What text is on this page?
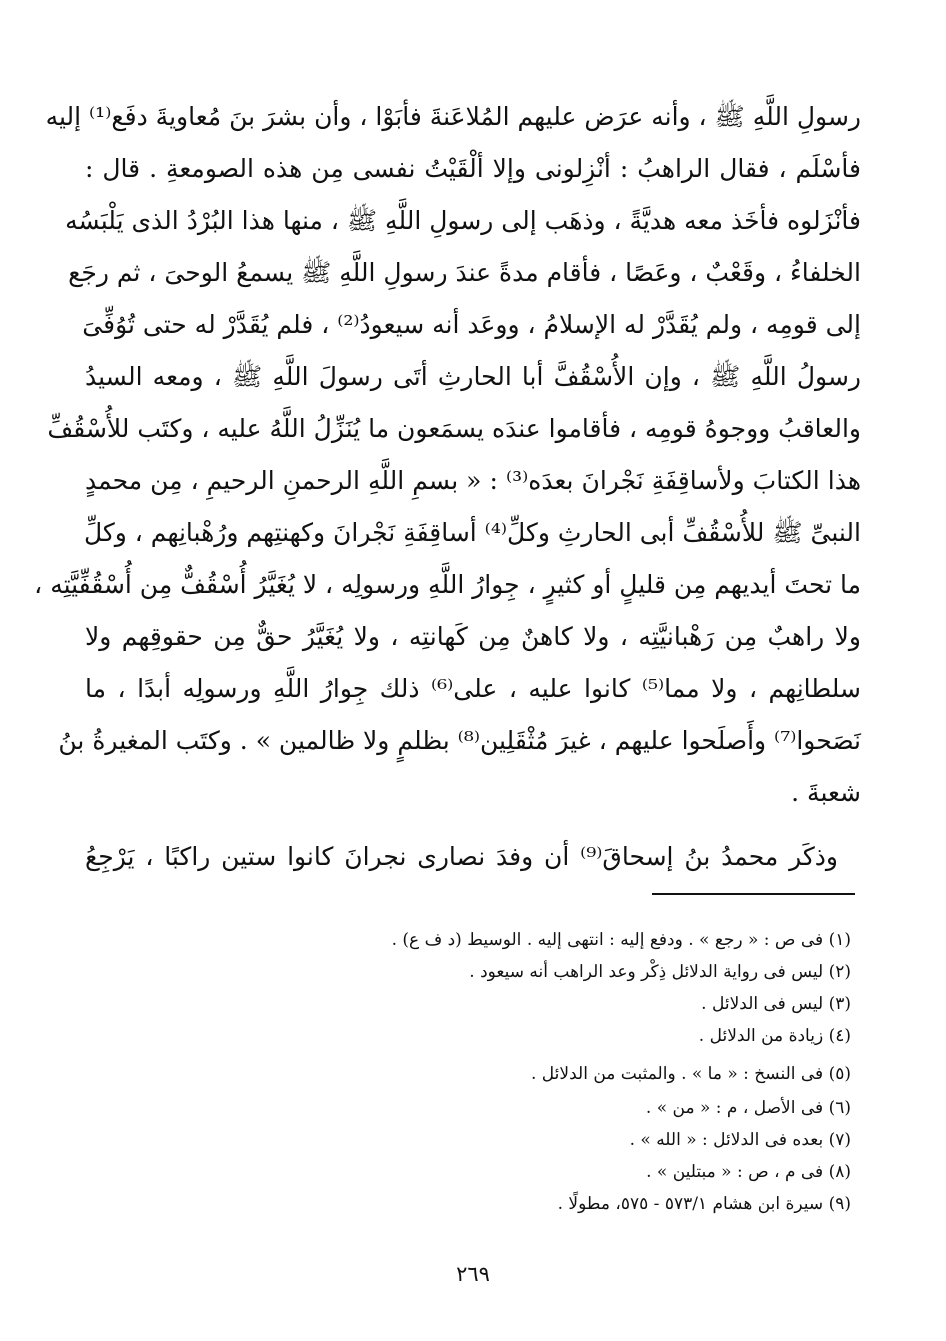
رسولِ اللَّهِ ﷺ ، وأنه عرَض عليهم المُلاعَنةَ فأبَوْا ، وأن بشرَ بنَ مُعاويةَ دفَع⁽¹⁾ إليه
فأسْلَم ، فقال الراهبُ : أنْزِلونى وإلا ألْقَيْتُ نفسى مِن هذه الصومعةِ . قال :
فأنْزَلوه فأخَذ معه هديَّةً ، وذهَب إلى رسولِ اللَّهِ ﷺ ، منها هذا البُرْدُ الذى يَلْبَسُه
الخلفاءُ ، وقَعْبٌ ، وعَصًا ، فأقام مدةً عندَ رسولِ اللَّهِ ﷺ يسمعُ الوحىَ ، ثم رجَع
إلى قومِه ، ولم يُقَدَّرْ له الإسلامُ ، ووعَد أنه سيعودُ⁽²⁾ ، فلم يُقَدَّرْ له حتى تُوُفِّىَ
رسولُ اللَّهِ ﷺ ، وإن الأُسْقُفَّ أبا الحارثِ أتَى رسولَ اللَّهِ ﷺ ، ومعه السيدُ
والعاقبُ ووجوهُ قومِه ، فأقاموا عندَه يسمَعون ما يُنَزِّلُ اللَّهُ عليه ، وكتَب للأُسْقُفِّ
هذا الكتابَ ولأساقِفَةِ نَجْرانَ بعدَه⁽³⁾ : « بسمِ اللَّهِ الرحمنِ الرحيمِ ، مِن محمدٍ
النبىِّ ﷺ للأُسْقُفِّ أبى الحارثِ وكلِّ⁽⁴⁾ أساقِفَةِ نَجْرانَ وكهنتِهم ورُهْبانِهم ، وكلِّ
ما تحتَ أيديهم مِن قليلٍ أو كثيرٍ ، جِوارُ اللَّهِ ورسولِه ، لا يُغَيَّرُ أُسْقُفٌّ مِن أُسْقُفِّيَّتِه ،
ولا راهبٌ مِن رَهْبانيَّتِه ، ولا كاهنٌ مِن كَهانتِه ، ولا يُغَيَّرُ حقٌّ مِن حقوقِهم ولا
سلطانِهم ، ولا مما⁽⁵⁾ كانوا عليه ، على⁽⁶⁾ ذلك جِوارُ اللَّهِ ورسولِه أبدًا ، ما
نَصَحوا⁽⁷⁾ وأَصلَحوا عليهم ، غيرَ مُثْقَلِين⁽⁸⁾ بظلمٍ ولا ظالمين » . وكتَب المغيرةُ بنُ
شعبةَ .
وذكَر محمدُ بنُ إسحاقَ⁽⁹⁾ أن وفدَ نصارى نجرانَ كانوا ستين راكبًا ، يَرْجِعُ
(١) فى ص : « رجع » . ودفع إليه : انتهى إليه . الوسيط (د ف ع) .
(٢) ليس فى رواية الدلائل ذِكْر وعد الراهب أنه سيعود .
(٣) ليس فى الدلائل .
(٤) زيادة من الدلائل .
(٥) فى النسخ : « ما » . والمثبت من الدلائل .
(٦) فى الأصل ، م : « من » .
(٧) بعده فى الدلائل : « الله » .
(٨) فى م ، ص : « مبتلين » .
(٩) سيرة ابن هشام ٥٧٣/١ - ٥٧٥، مطولًا .
٢٦٩
